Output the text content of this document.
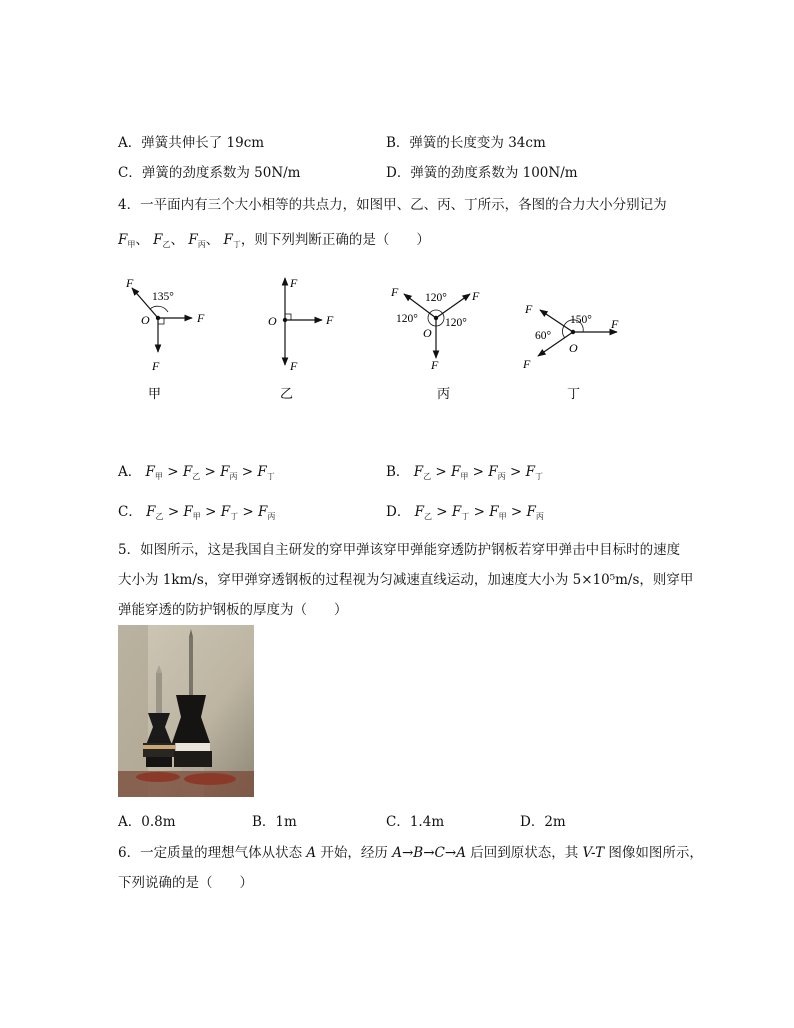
A．弹簧共伸长了 19cm	B．弹簧的长度变为 34cm
C．弹簧的劲度系数为 50N/m	D．弹簧的劲度系数为 100N/m
4．一平面内有三个大小相等的共点力，如图甲、乙、丙、丁所示，各图的合力大小分别记为
$F_甲$、 $F_乙$、 $F_丙$、 $F_丁$，则下列判断正确的是（　　）
F
F
F
O
135°
甲
F
F
F
O
乙
F	F
F
O
120°
120° 120°
丙
F
F
F
O
150°
60°
丁
A． $F_甲 > F_乙 > F_丙 > F_丁$	B． $F_乙 > F_甲 > F_丙 > F_丁$
C． $F_乙 > F_甲 > F_丁 > F_丙$	D． $F_乙 > F_丁 > F_甲 > F_丙$
5．如图所示，这是我国自主研发的穿甲弹该穿甲弹能穿透防护钢板若穿甲弹击中目标时的速度
大小为 1km/s，穿甲弹穿透钢板的过程视为匀减速直线运动，加速度大小为 5×10⁵m/s，则穿甲
弹能穿透的防护钢板的厚度为（　　）
A．0.8m	B．1m	C．1.4m	D．2m
6．一定质量的理想气体从状态 A 开始，经历 A→B→C→A 后回到原状态，其 V-T 图像如图所示，
下列说确的是（　　）
